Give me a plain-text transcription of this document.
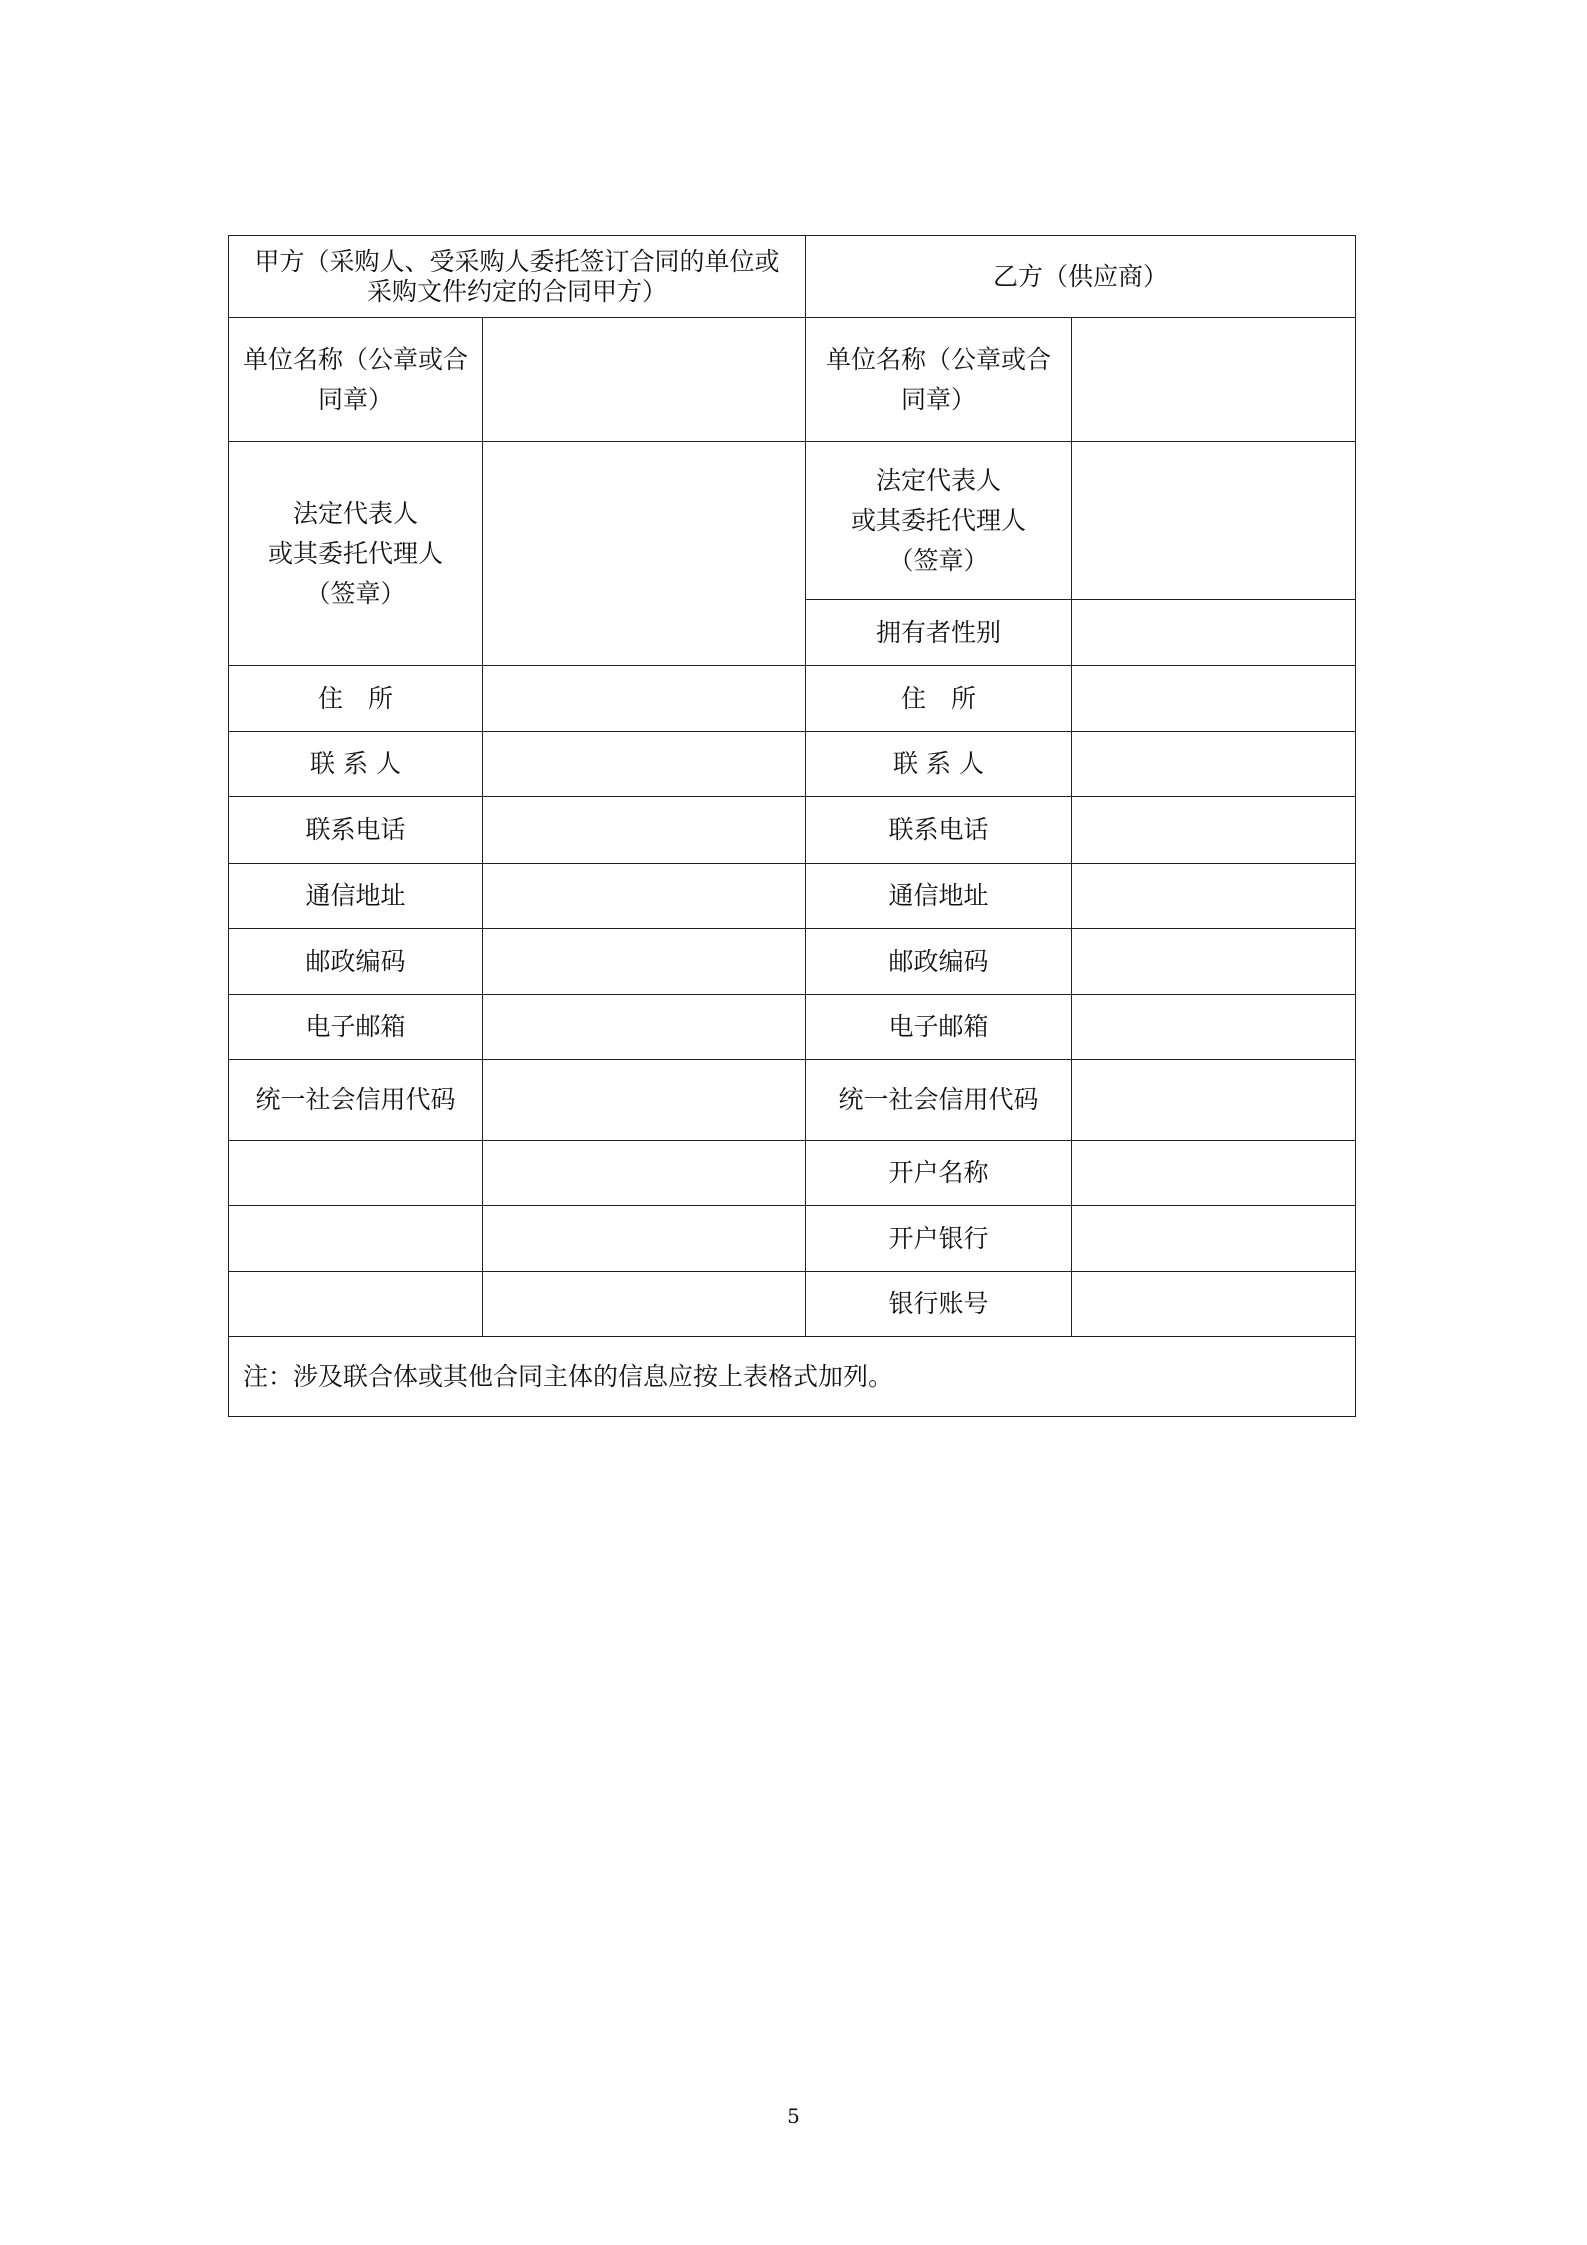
甲方（采购人、受采购人委托签订合同的单位或采购文件约定的合同甲方）		乙方（供应商）	
单位名称（公章或合同章）		单位名称（公章或合同章）	
法定代表人
或其委托代理人
（签章）		法定代表人
或其委托代理人
（签章）	
		拥有者性别	
住　所		住　所	
联 系 人		联 系 人	
联系电话		联系电话	
通信地址		通信地址	
邮政编码		邮政编码	
电子邮箱		电子邮箱	
统一社会信用代码		统一社会信用代码	
		开户名称	
		开户银行	
		银行账号	
注：涉及联合体或其他合同主体的信息应按上表格式加列。			
5
